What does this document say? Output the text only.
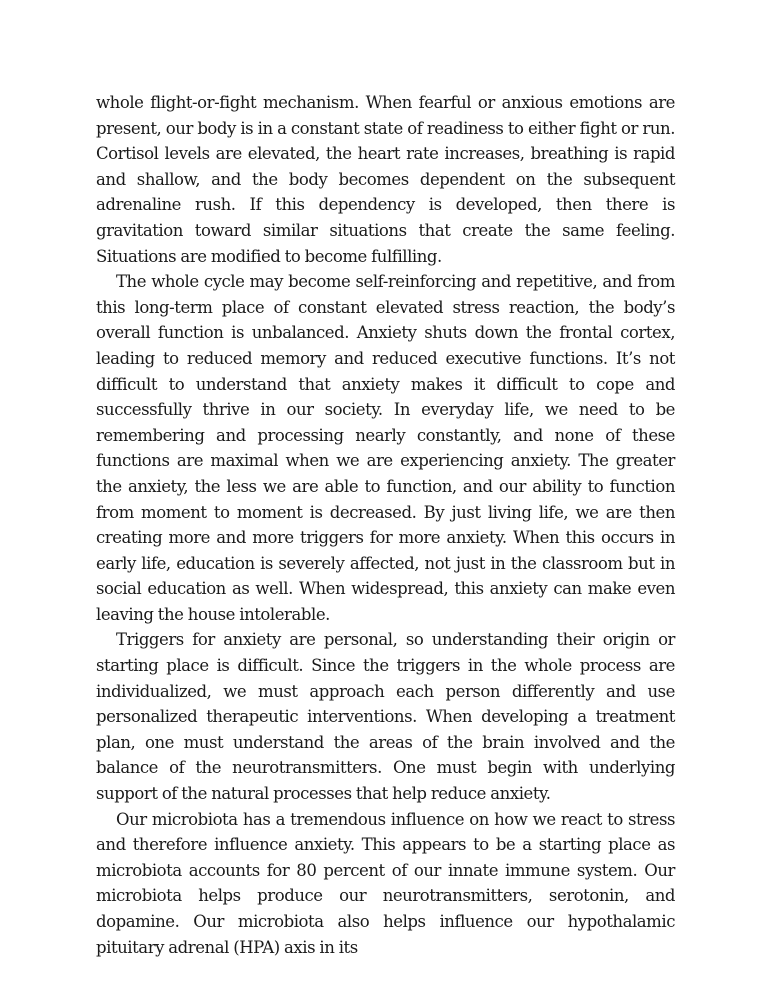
whole flight-or-fight mechanism. When fearful or anxious emotions are present, our body is in a constant state of readiness to either fight or run. Cortisol levels are elevated, the heart rate increases, breathing is rapid and shallow, and the body becomes dependent on the subsequent adrenaline rush. If this dependency is developed, then there is gravitation toward similar situations that create the same feeling. Situations are modified to become fulfilling.

The whole cycle may become self-reinforcing and repetitive, and from this long-term place of constant elevated stress reaction, the body’s overall function is unbalanced. Anxiety shuts down the frontal cortex, leading to reduced memory and reduced executive functions. It’s not difficult to understand that anxiety makes it difficult to cope and successfully thrive in our society. In everyday life, we need to be remembering and processing nearly constantly, and none of these functions are maximal when we are experiencing anxiety. The greater the anxiety, the less we are able to function, and our ability to function from moment to moment is decreased. By just living life, we are then creating more and more triggers for more anxiety. When this occurs in early life, education is severely affected, not just in the classroom but in social education as well. When widespread, this anxiety can make even leaving the house intolerable.

Triggers for anxiety are personal, so understanding their origin or starting place is difficult. Since the triggers in the whole process are individualized, we must approach each person differently and use personalized therapeutic interventions. When developing a treatment plan, one must understand the areas of the brain involved and the balance of the neurotransmitters. One must begin with underlying support of the natural processes that help reduce anxiety.

Our microbiota has a tremendous influence on how we react to stress and therefore influence anxiety. This appears to be a starting place as microbiota accounts for 80 percent of our innate immune system. Our microbiota helps produce our neurotransmitters, serotonin, and dopamine. Our microbiota also helps influence our hypothalamic pituitary adrenal (HPA) axis in its
